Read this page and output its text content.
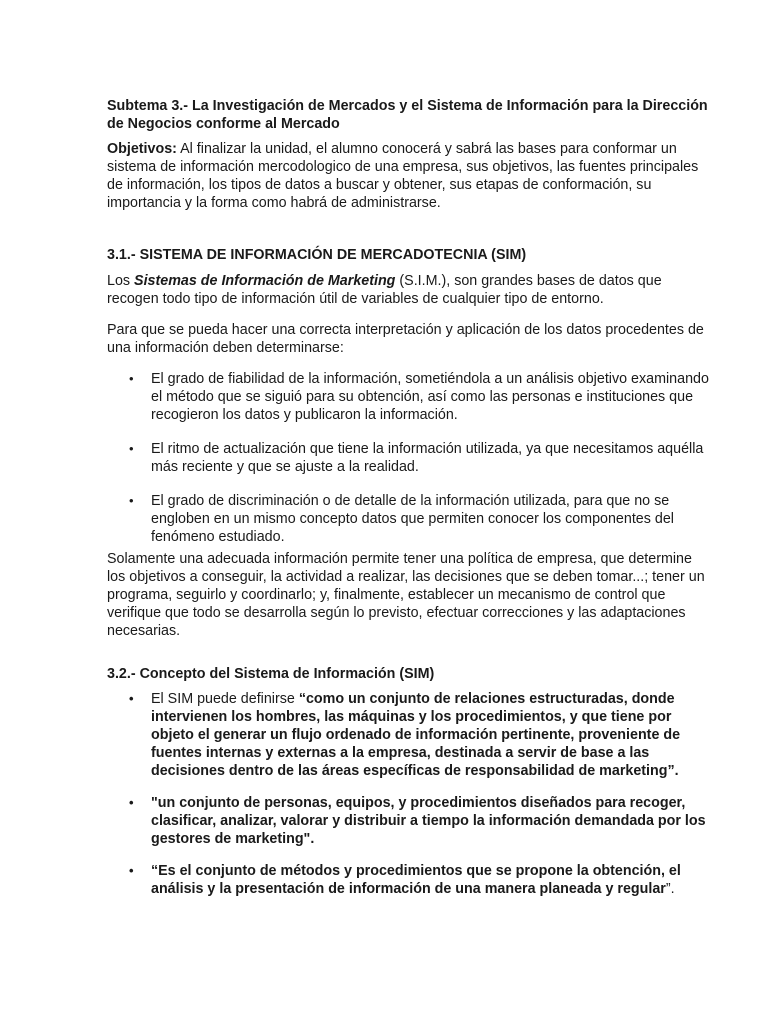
Subtema 3.- La Investigación de Mercados y el Sistema de Información para la Dirección de Negocios conforme al Mercado

Objetivos: Al finalizar la unidad, el alumno conocerá y sabrá las bases para conformar un sistema de información mercodologico de una empresa, sus objetivos, las fuentes principales de información, los tipos de datos a buscar y obtener, sus etapas de conformación, su importancia y la forma como habrá de administrarse.

3.1.- SISTEMA DE INFORMACIÓN DE MERCADOTECNIA (SIM)

Los Sistemas de Información de Marketing (S.I.M.), son grandes bases de datos que recogen todo tipo de información útil de variables de cualquier tipo de entorno.

Para que se pueda hacer una correcta interpretación y aplicación de los datos procedentes de una información deben determinarse:

• El grado de fiabilidad de la información, sometiéndola a un análisis objetivo examinando el método que se siguió para su obtención, así como las personas e instituciones que recogieron los datos y publicaron la información.
• El ritmo de actualización que tiene la información utilizada, ya que necesitamos aquélla más reciente y que se ajuste a la realidad.
• El grado de discriminación o de detalle de la información utilizada, para que no se engloben en un mismo concepto datos que permiten conocer los componentes del fenómeno estudiado.

Solamente una adecuada información permite tener una política de empresa, que determine los objetivos a conseguir, la actividad a realizar, las decisiones que se deben tomar...; tener un programa, seguirlo y coordinarlo; y, finalmente, establecer un mecanismo de control que verifique que todo se desarrolla según lo previsto, efectuar correcciones y las adaptaciones necesarias.

3.2.- Concepto del Sistema de Información (SIM)

• El SIM puede definirse “como un conjunto de relaciones estructuradas, donde intervienen los hombres, las máquinas y los procedimientos, y que tiene por objeto el generar un flujo ordenado de información pertinente, proveniente de fuentes internas y externas a la empresa, destinada a servir de base a las decisiones dentro de las áreas específicas de responsabilidad de marketing”.
• "un conjunto de personas, equipos, y procedimientos diseñados para recoger, clasificar, analizar, valorar y distribuir a tiempo la información demandada por los gestores de marketing".
• “Es el conjunto de métodos y procedimientos que se propone la obtención, el análisis y la presentación de información de una manera planeada y regular”.
